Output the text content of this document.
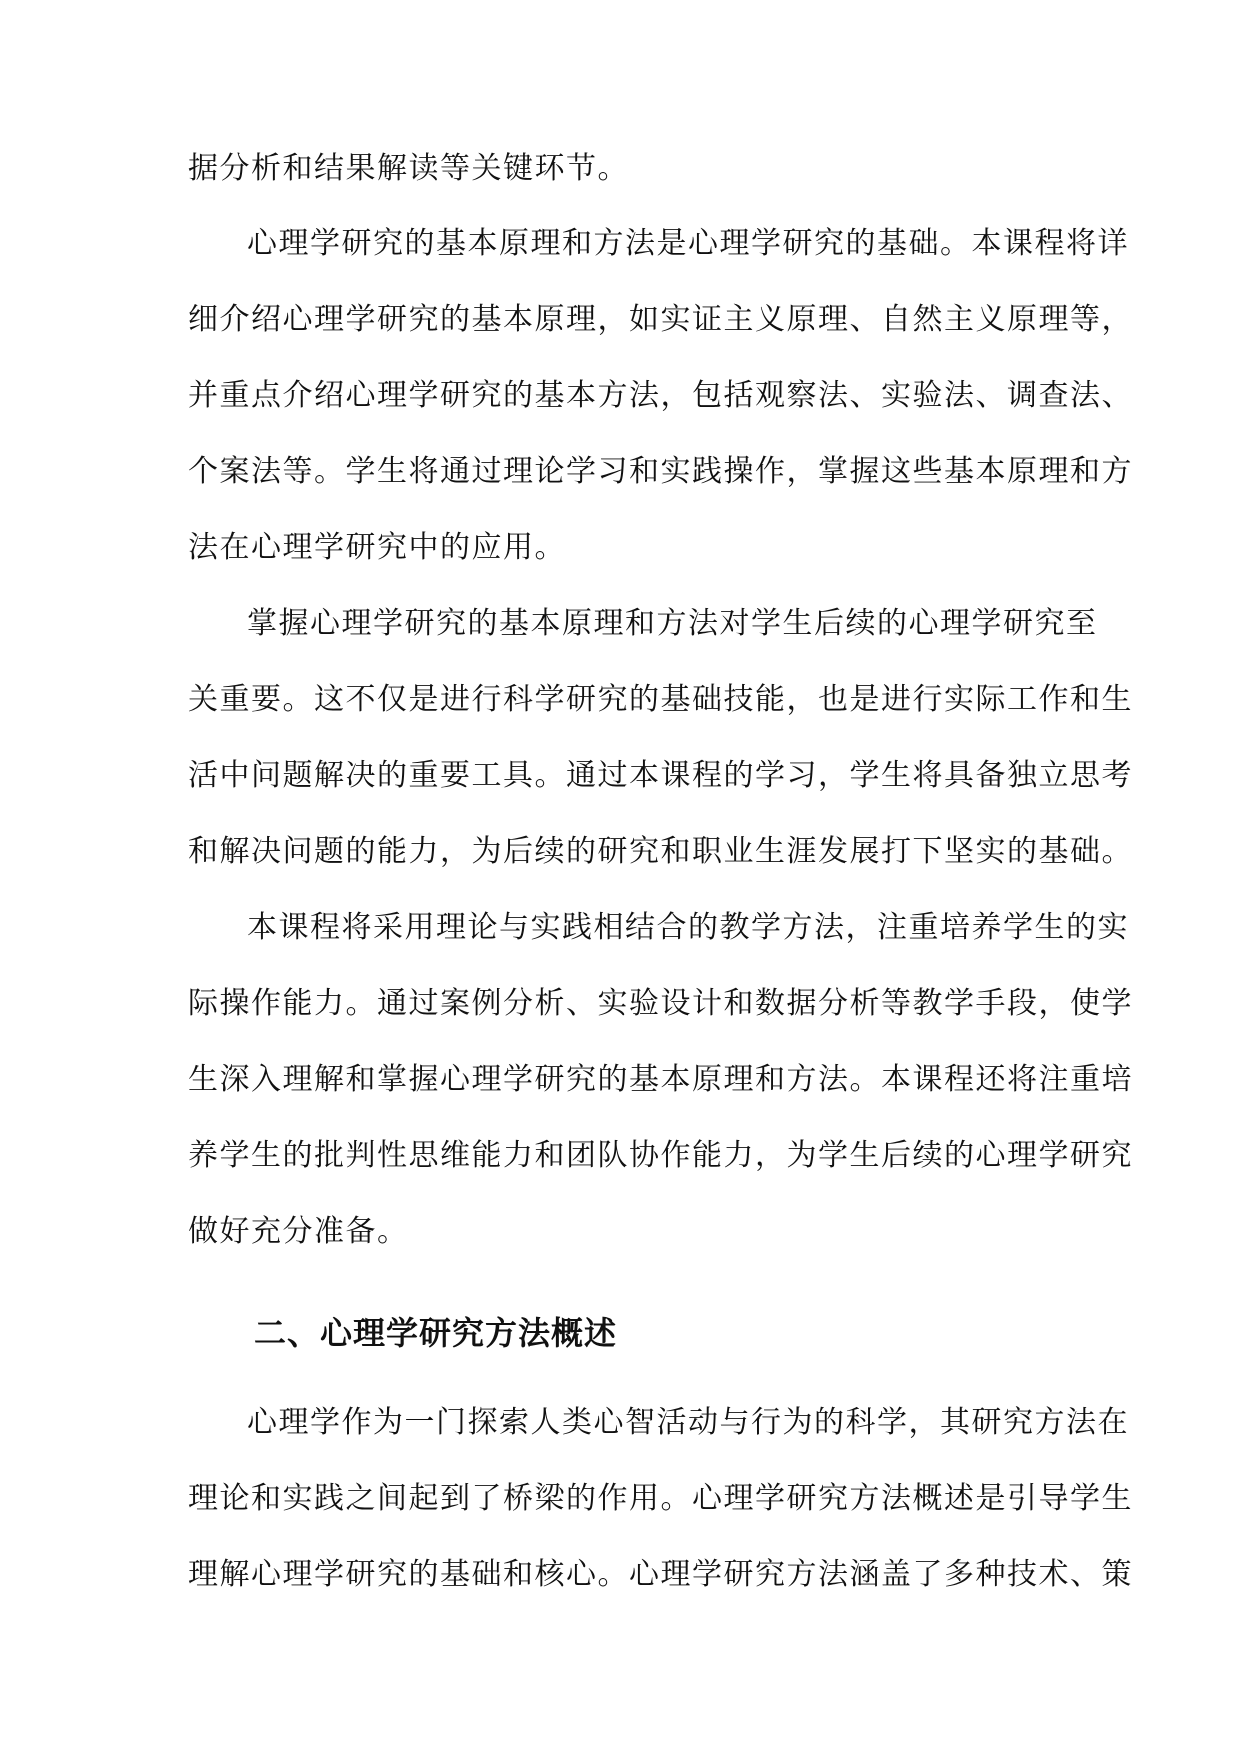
据分析和结果解读等关键环节。
心理学研究的基本原理和方法是心理学研究的基础。本课程将详
细介绍心理学研究的基本原理，如实证主义原理、自然主义原理等，
并重点介绍心理学研究的基本方法，包括观察法、实验法、调查法、
个案法等。学生将通过理论学习和实践操作，掌握这些基本原理和方
法在心理学研究中的应用。
掌握心理学研究的基本原理和方法对学生后续的心理学研究至
关重要。这不仅是进行科学研究的基础技能，也是进行实际工作和生
活中问题解决的重要工具。通过本课程的学习，学生将具备独立思考
和解决问题的能力，为后续的研究和职业生涯发展打下坚实的基础。
本课程将采用理论与实践相结合的教学方法，注重培养学生的实
际操作能力。通过案例分析、实验设计和数据分析等教学手段，使学
生深入理解和掌握心理学研究的基本原理和方法。本课程还将注重培
养学生的批判性思维能力和团队协作能力，为学生后续的心理学研究
做好充分准备。
二、心理学研究方法概述
心理学作为一门探索人类心智活动与行为的科学，其研究方法在
理论和实践之间起到了桥梁的作用。心理学研究方法概述是引导学生
理解心理学研究的基础和核心。心理学研究方法涵盖了多种技术、策
